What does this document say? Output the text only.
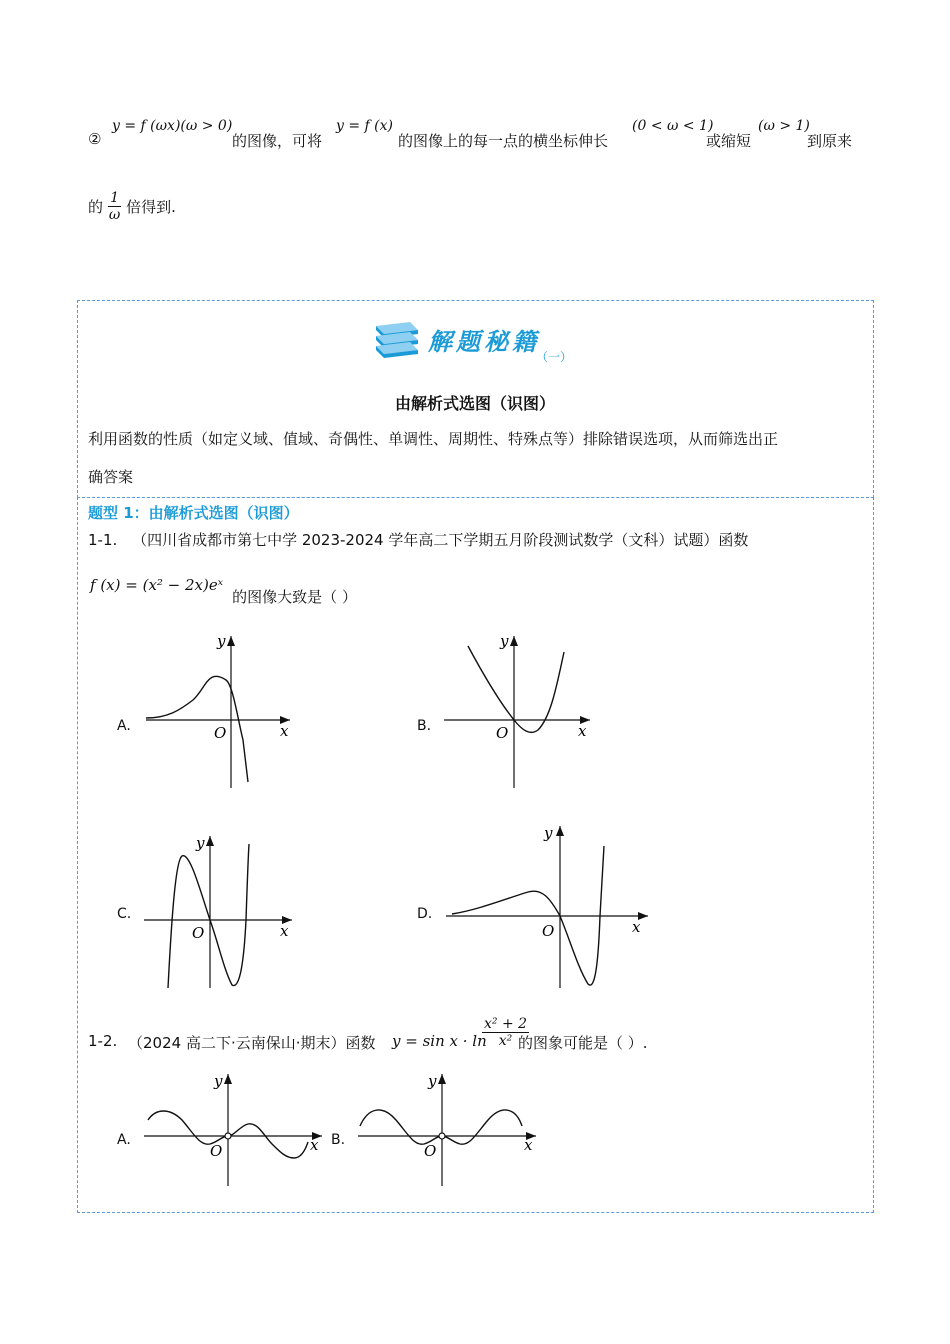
②
y = f (ωx)(ω > 0)
的图像，可将
y = f (x)
的图像上的每一点的横坐标伸长
(0 < ω < 1)
或缩短
(ω > 1)
到原来
的 $\frac{1}{\omega}$ 倍得到.
解题秘籍
（一）
由解析式选图（识图）
利用函数的性质（如定义域、值域、奇偶性、单调性、周期性、特殊点等）排除错误选项，从而筛选出正
确答案
题型 1：由解析式选图（识图）
1-1. （四川省成都市第七中学 2023-2024 学年高二下学期五月阶段测试数学（文科）试题）函数
f (x) = (x² − 2x)eˣ 的图像大致是（ ）
A.
y
x
O	B.
y
x
O
C.
y
x
O
D.
y
x
O
1-2. （2024 高二下·云南保山·期末）函数 y = sin x · ln
$\frac{\text{x² + 2}}{\text{x²}}$
的图象可能是（ ）.
A.
y
x
O
B.
y
x
O
